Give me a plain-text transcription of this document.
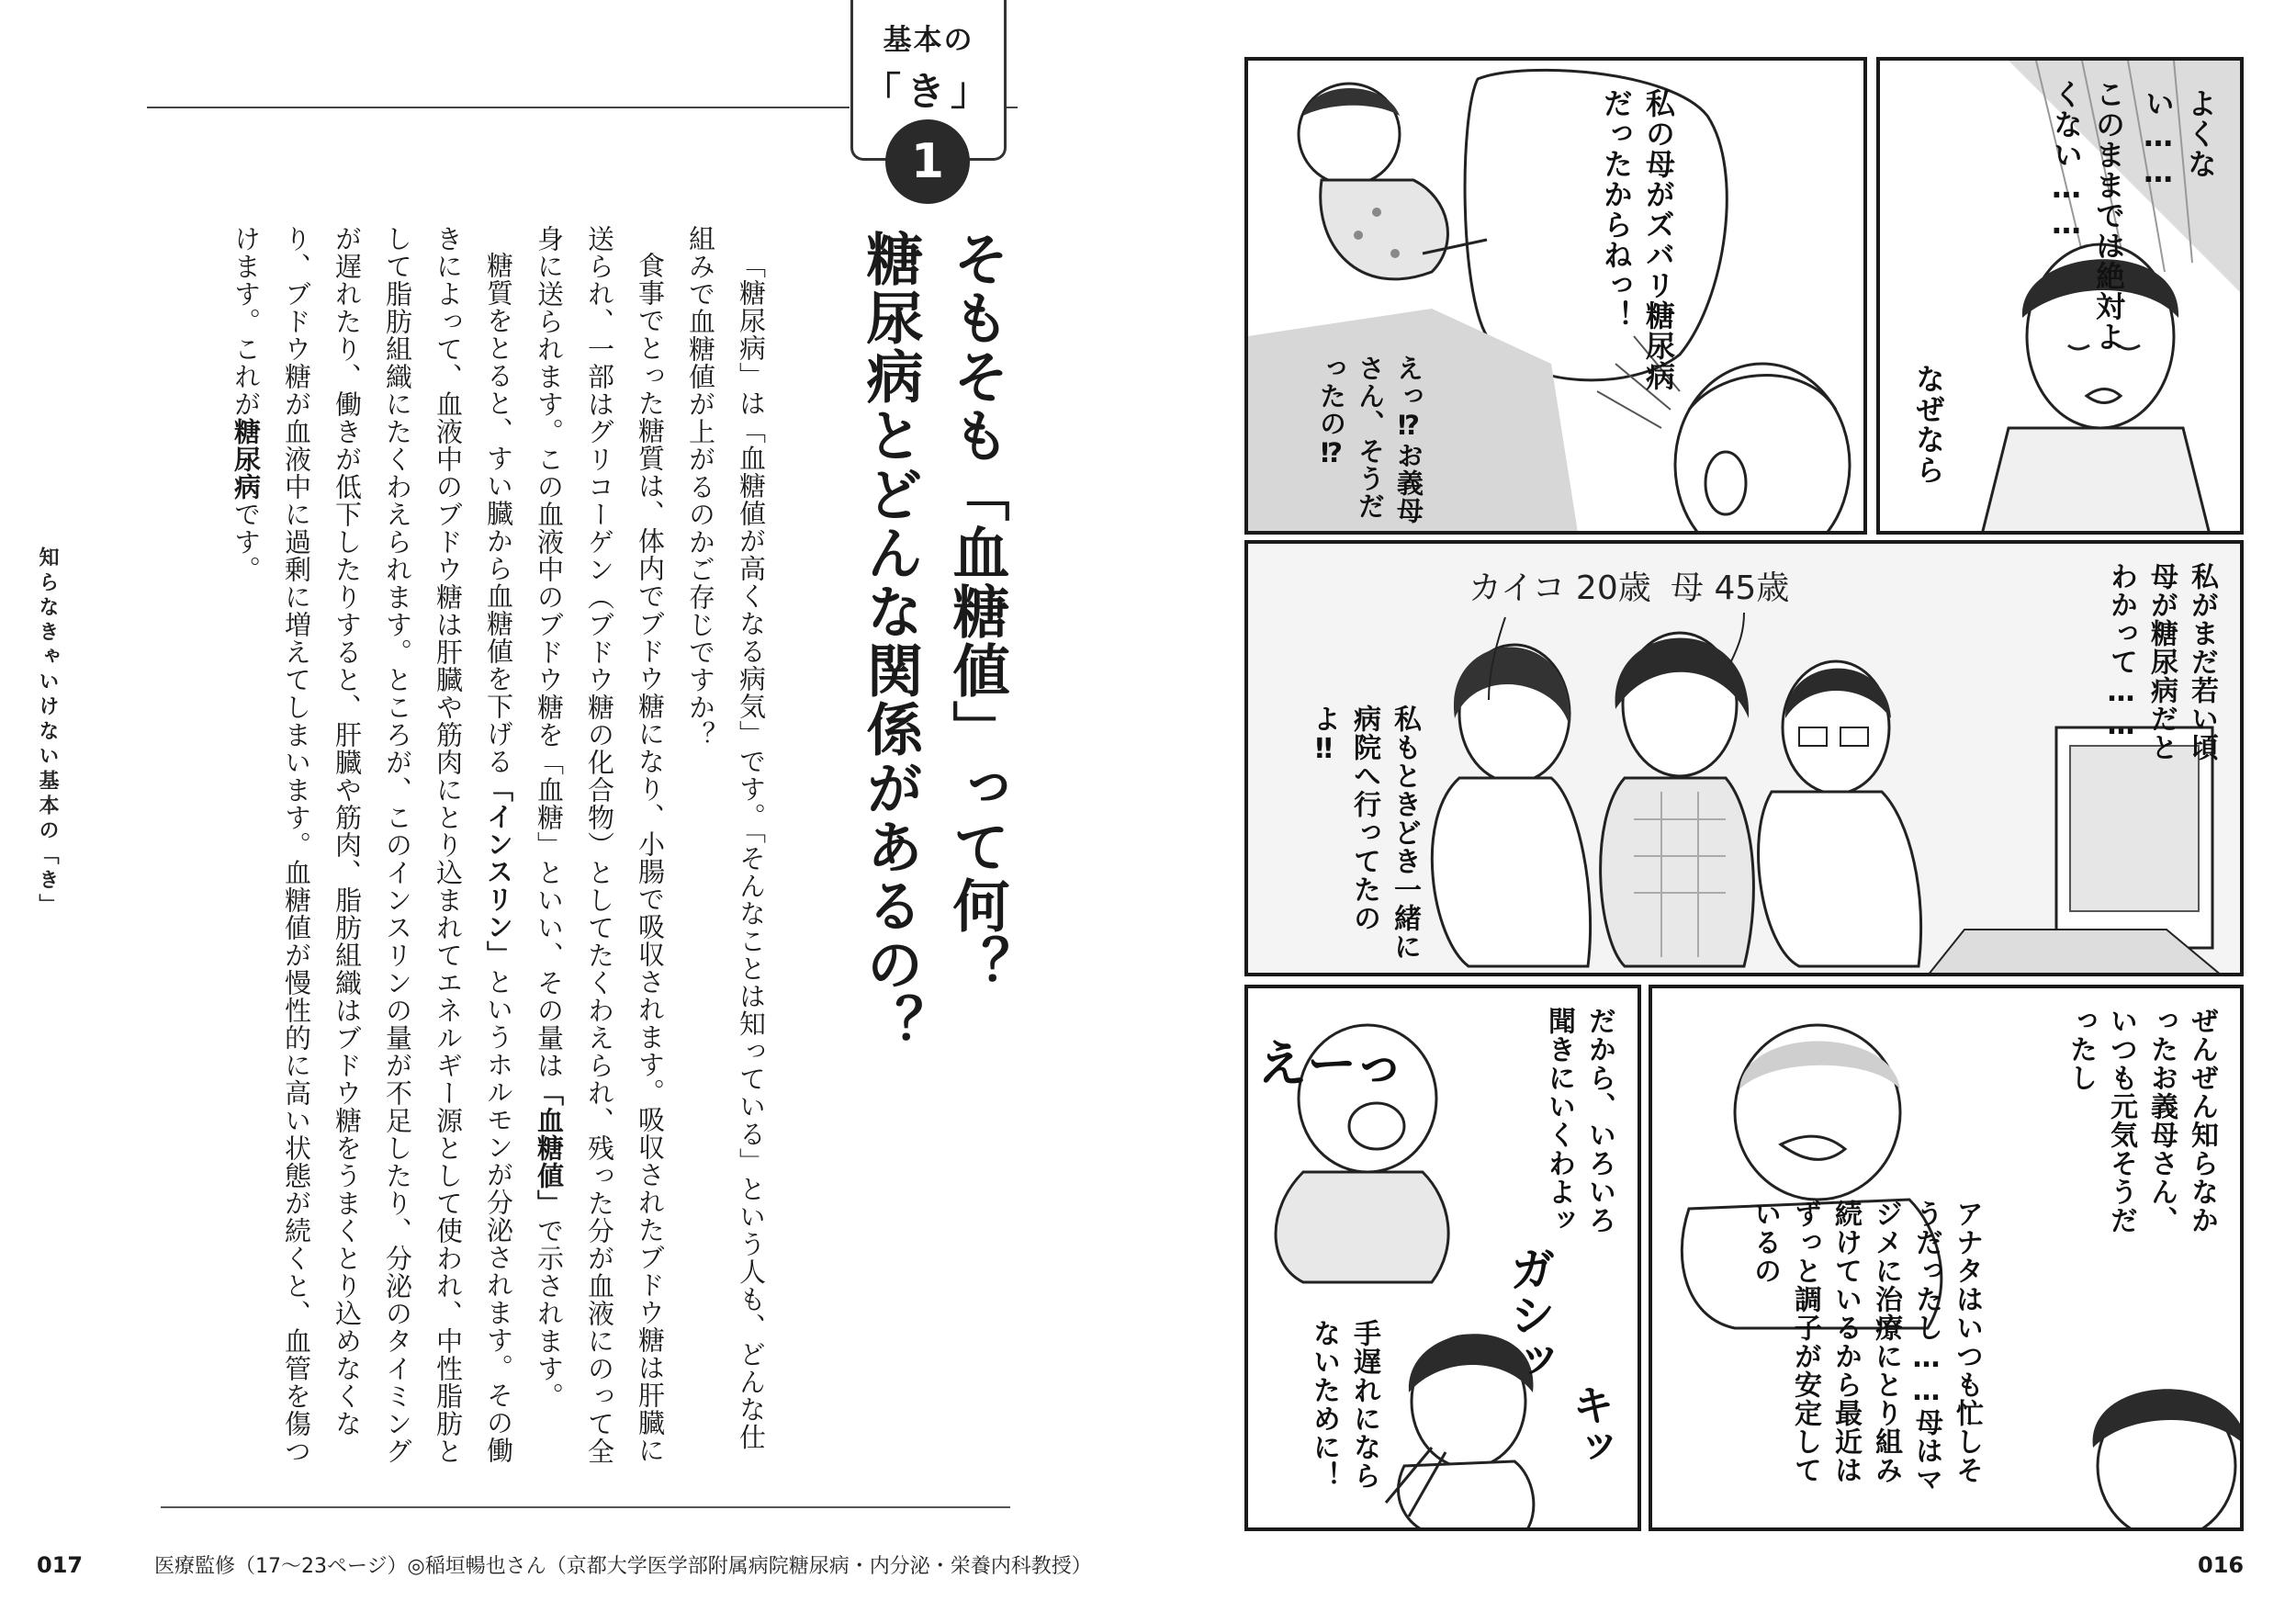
基本の
「き」
1
そもそも「血糖値」って何？
糖尿病とどんな関係があるの？

「糖尿病」は「血糖値が高くなる病気」です。「そんなことは知っている」という人も、どんな仕組みで血糖値が上がるのかご存じですか？

食事でとった糖質は、体内でブドウ糖になり、小腸で吸収されます。吸収されたブドウ糖は肝臓に送られ、一部はグリコーゲン（ブドウ糖の化合物）としてたくわえられ、残った分が血液にのって全身に送られます。この血液中のブドウ糖を「血糖」といい、その量は「血糖値」で示されます。

糖質をとると、すい臓から血糖値を下げる「インスリン」というホルモンが分泌されます。その働きによって、血液中のブドウ糖は肝臓や筋肉にとり込まれてエネルギー源として使われ、中性脂肪として脂肪組織にたくわえられます。ところが、このインスリンの量が不足したり、分泌のタイミングが遅れたり、働きが低下したりすると、肝臓や筋肉、脂肪組織はブドウ糖をうまくとり込めなくなり、ブドウ糖が血液中に過剰に増えてしまいます。血糖値が慢性的に高い状態が続くと、血管を傷つけます。これが糖尿病です。

知らなきゃいけない基本の「き」
017	医療監修（17～23ページ）◎稲垣暢也さん（京都大学医学部附属病院糖尿病・内分泌・栄養内科教授）	016
私の母がズバリ糖尿病だったからねっ！
えっ⁉お義母さん、そうだったの⁉
よくない……
このままでは絶対よくない……
なぜなら
私がまだ若い頃母が糖尿病だとわかって……
私もときどき一緒に病院へ行ってたのよ‼
カイコ 20歳 母 45歳
えーっ	だから、いろいろ聞きにいくわよッ
ガシッ
手遅れにならないために！	キッ
ぜんぜん知らなかったお義母さん、いつも元気そうだったし
アナタはいつも忙しそうだったし……母はマジメに治療にとり組み続けているから最近はずっと調子が安定しているの
